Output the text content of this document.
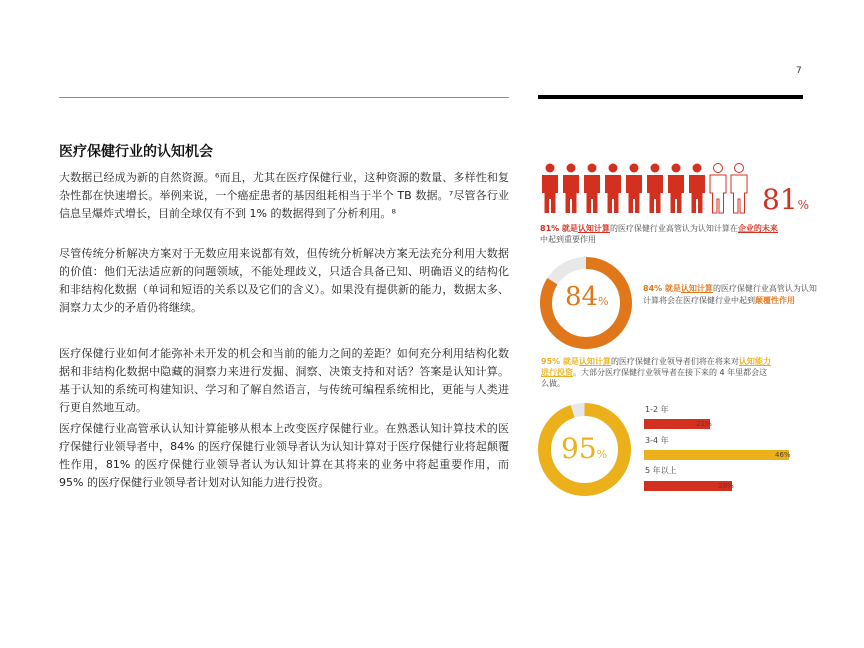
7
医疗保健行业的认知机会
大数据已经成为新的自然资源。⁶而且，尤其在医疗保健行业，这种资源的数量、多样性和复杂性都在快速增长。举例来说，一个癌症患者的基因组耗相当于半个 TB 数据。⁷尽管各行业信息呈爆炸式增长，目前全球仅有不到 1% 的数据得到了分析利用。⁸
尽管传统分析解决方案对于无数应用来说都有效，但传统分析解决方案无法充分利用大数据的价值：他们无法适应新的问题领域，不能处理歧义，只适合具备已知、明确语义的结构化和非结构化数据（单词和短语的关系以及它们的含义）。如果没有提供新的能力，数据太多、洞察力太少的矛盾仍将继续。
医疗保健行业如何才能弥补未开发的机会和当前的能力之间的差距？如何充分利用结构化数据和非结构化数据中隐藏的洞察力来进行发掘、洞察、决策支持和对话？答案是认知计算。基于认知的系统可构建知识、学习和了解自然语言，与传统可编程系统相比，更能与人类进行更自然地互动。
医疗保健行业高管承认认知计算能够从根本上改变医疗保健行业。在熟悉认知计算技术的医疗保健行业领导者中，84% 的医疗保健行业领导者认为认知计算对于医疗保健行业将起颠覆性作用，81% 的医疗保健行业领导者认为认知计算在其将来的业务中将起重要作用，而 95% 的医疗保健行业领导者计划对认知能力进行投资。
81%
81% 就是认知计算的医疗保健行业高管认为认知计算在企业的未来中起到重要作用
84%
84% 就是认知计算的医疗保健行业高管认为认知计算将会在医疗保健行业中起到颠覆性作用
95% 就是认知计算的医疗保健行业领导者们将在将来对认知能力进行投资。大部分医疗保健行业领导者在接下来的 4 年里都会这么做。
95%
1-2 年
21%
3-4 年
46%
5 年以上
28%
